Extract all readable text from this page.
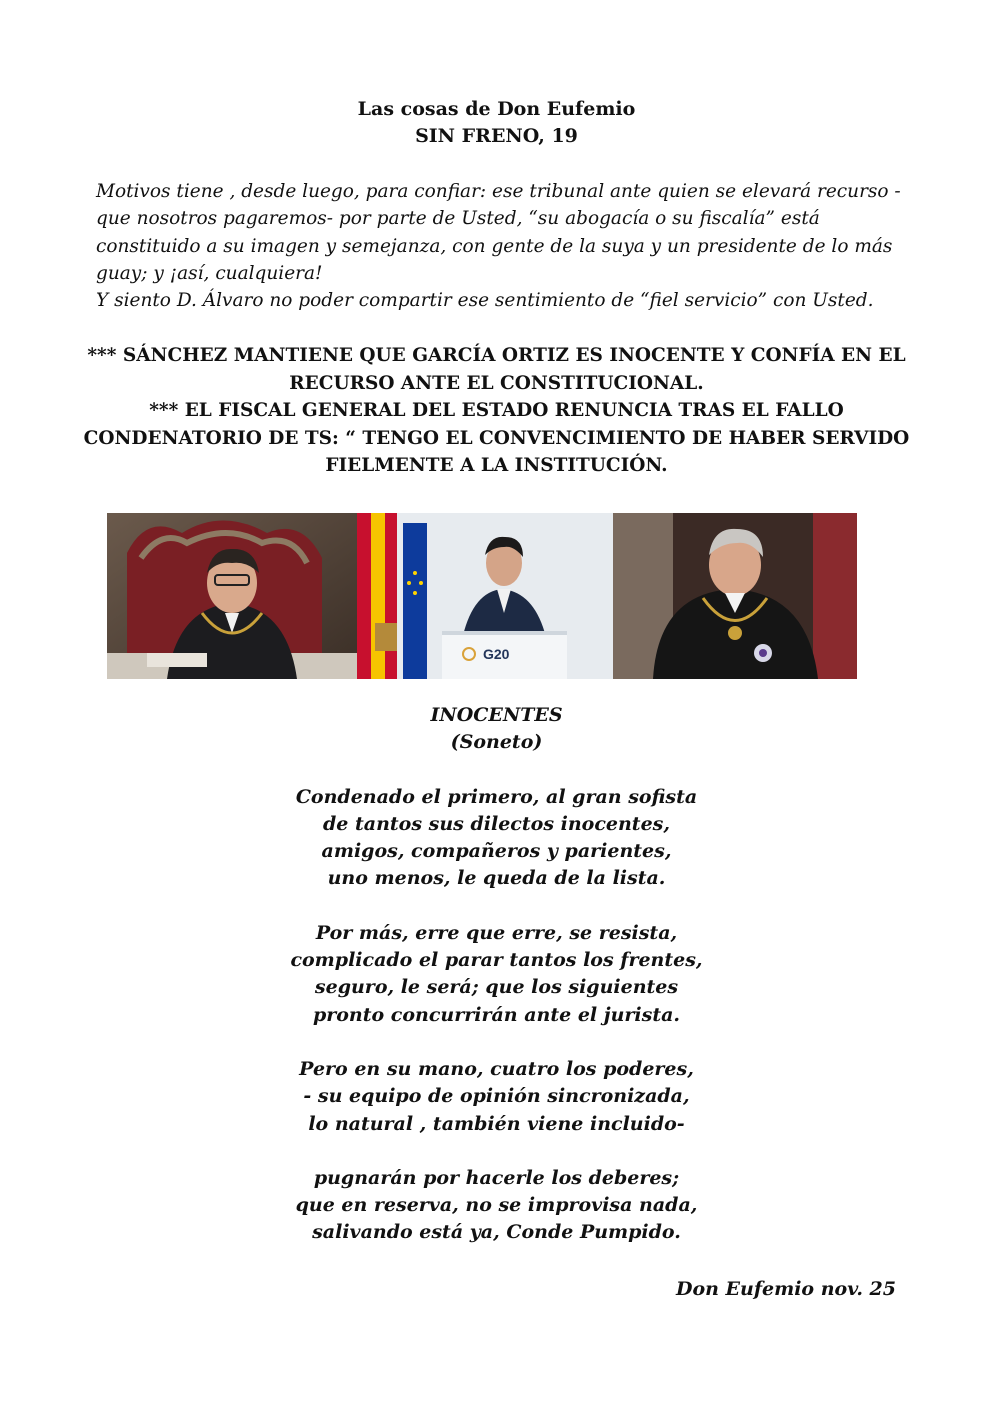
Las cosas de Don Eufemio
SIN FRENO, 19

Motivos tiene , desde luego, para confiar: ese tribunal ante quien se elevará recurso -que nosotros pagaremos- por parte de Usted, “su abogacía o su fiscalía” está constituido a su imagen y semejanza, con gente de la suya y un presidente de lo más guay; y ¡así, cualquiera!

Y siento D. Álvaro no poder compartir ese sentimiento de “fiel servicio” con Usted.

*** SÁNCHEZ MANTIENE QUE GARCÍA ORTIZ ES INOCENTE Y CONFÍA EN EL RECURSO ANTE EL CONSTITUCIONAL.

*** EL FISCAL GENERAL DEL ESTADO RENUNCIA TRAS EL FALLO CONDENATORIO DE TS: “ TENGO EL CONVENCIMIENTO DE HABER SERVIDO FIELMENTE A LA INSTITUCIÓN.

G20
INOCENTES
(Soneto)
Condenado el primero, al gran sofista
de tantos sus dilectos inocentes,
amigos, compañeros y parientes,
uno menos, le queda de la lista.
Por más, erre que erre, se resista,
complicado el parar tantos los frentes,
seguro, le será; que los siguientes
pronto concurrirán ante el jurista.
Pero en su mano, cuatro los poderes,
- su equipo de opinión sincronizada,
lo natural , también viene incluido-
pugnarán por hacerle los deberes;
que en reserva, no se improvisa nada,
salivando está ya, Conde Pumpido.
Don Eufemio nov. 25
